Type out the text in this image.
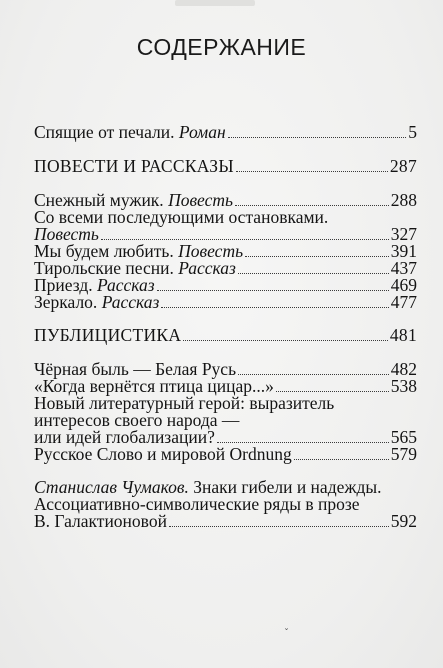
СОДЕРЖАНИЕ
Спящие от печали. Роман	5
ПОВЕСТИ И РАССКАЗЫ	287
Снежный мужик. Повесть	288
Со всеми последующими остановками.
Повесть	327
Мы будем любить. Повесть	391
Тирольские песни. Рассказ	437
Приезд. Рассказ	469
Зеркало. Рассказ	477
ПУБЛИЦИСТИКА	481
Чёрная быль — Белая Русь	482
«Когда вернётся птица цицар...»	538
Новый литературный герой: выразитель
интересов своего народа —
или идей глобализации?	565
Русское Слово и мировой Ordnung	579
Станислав Чумаков. Знаки гибели и надежды.
Ассоциативно-символические ряды в прозе
В. Галактионовой	592
ˇ
